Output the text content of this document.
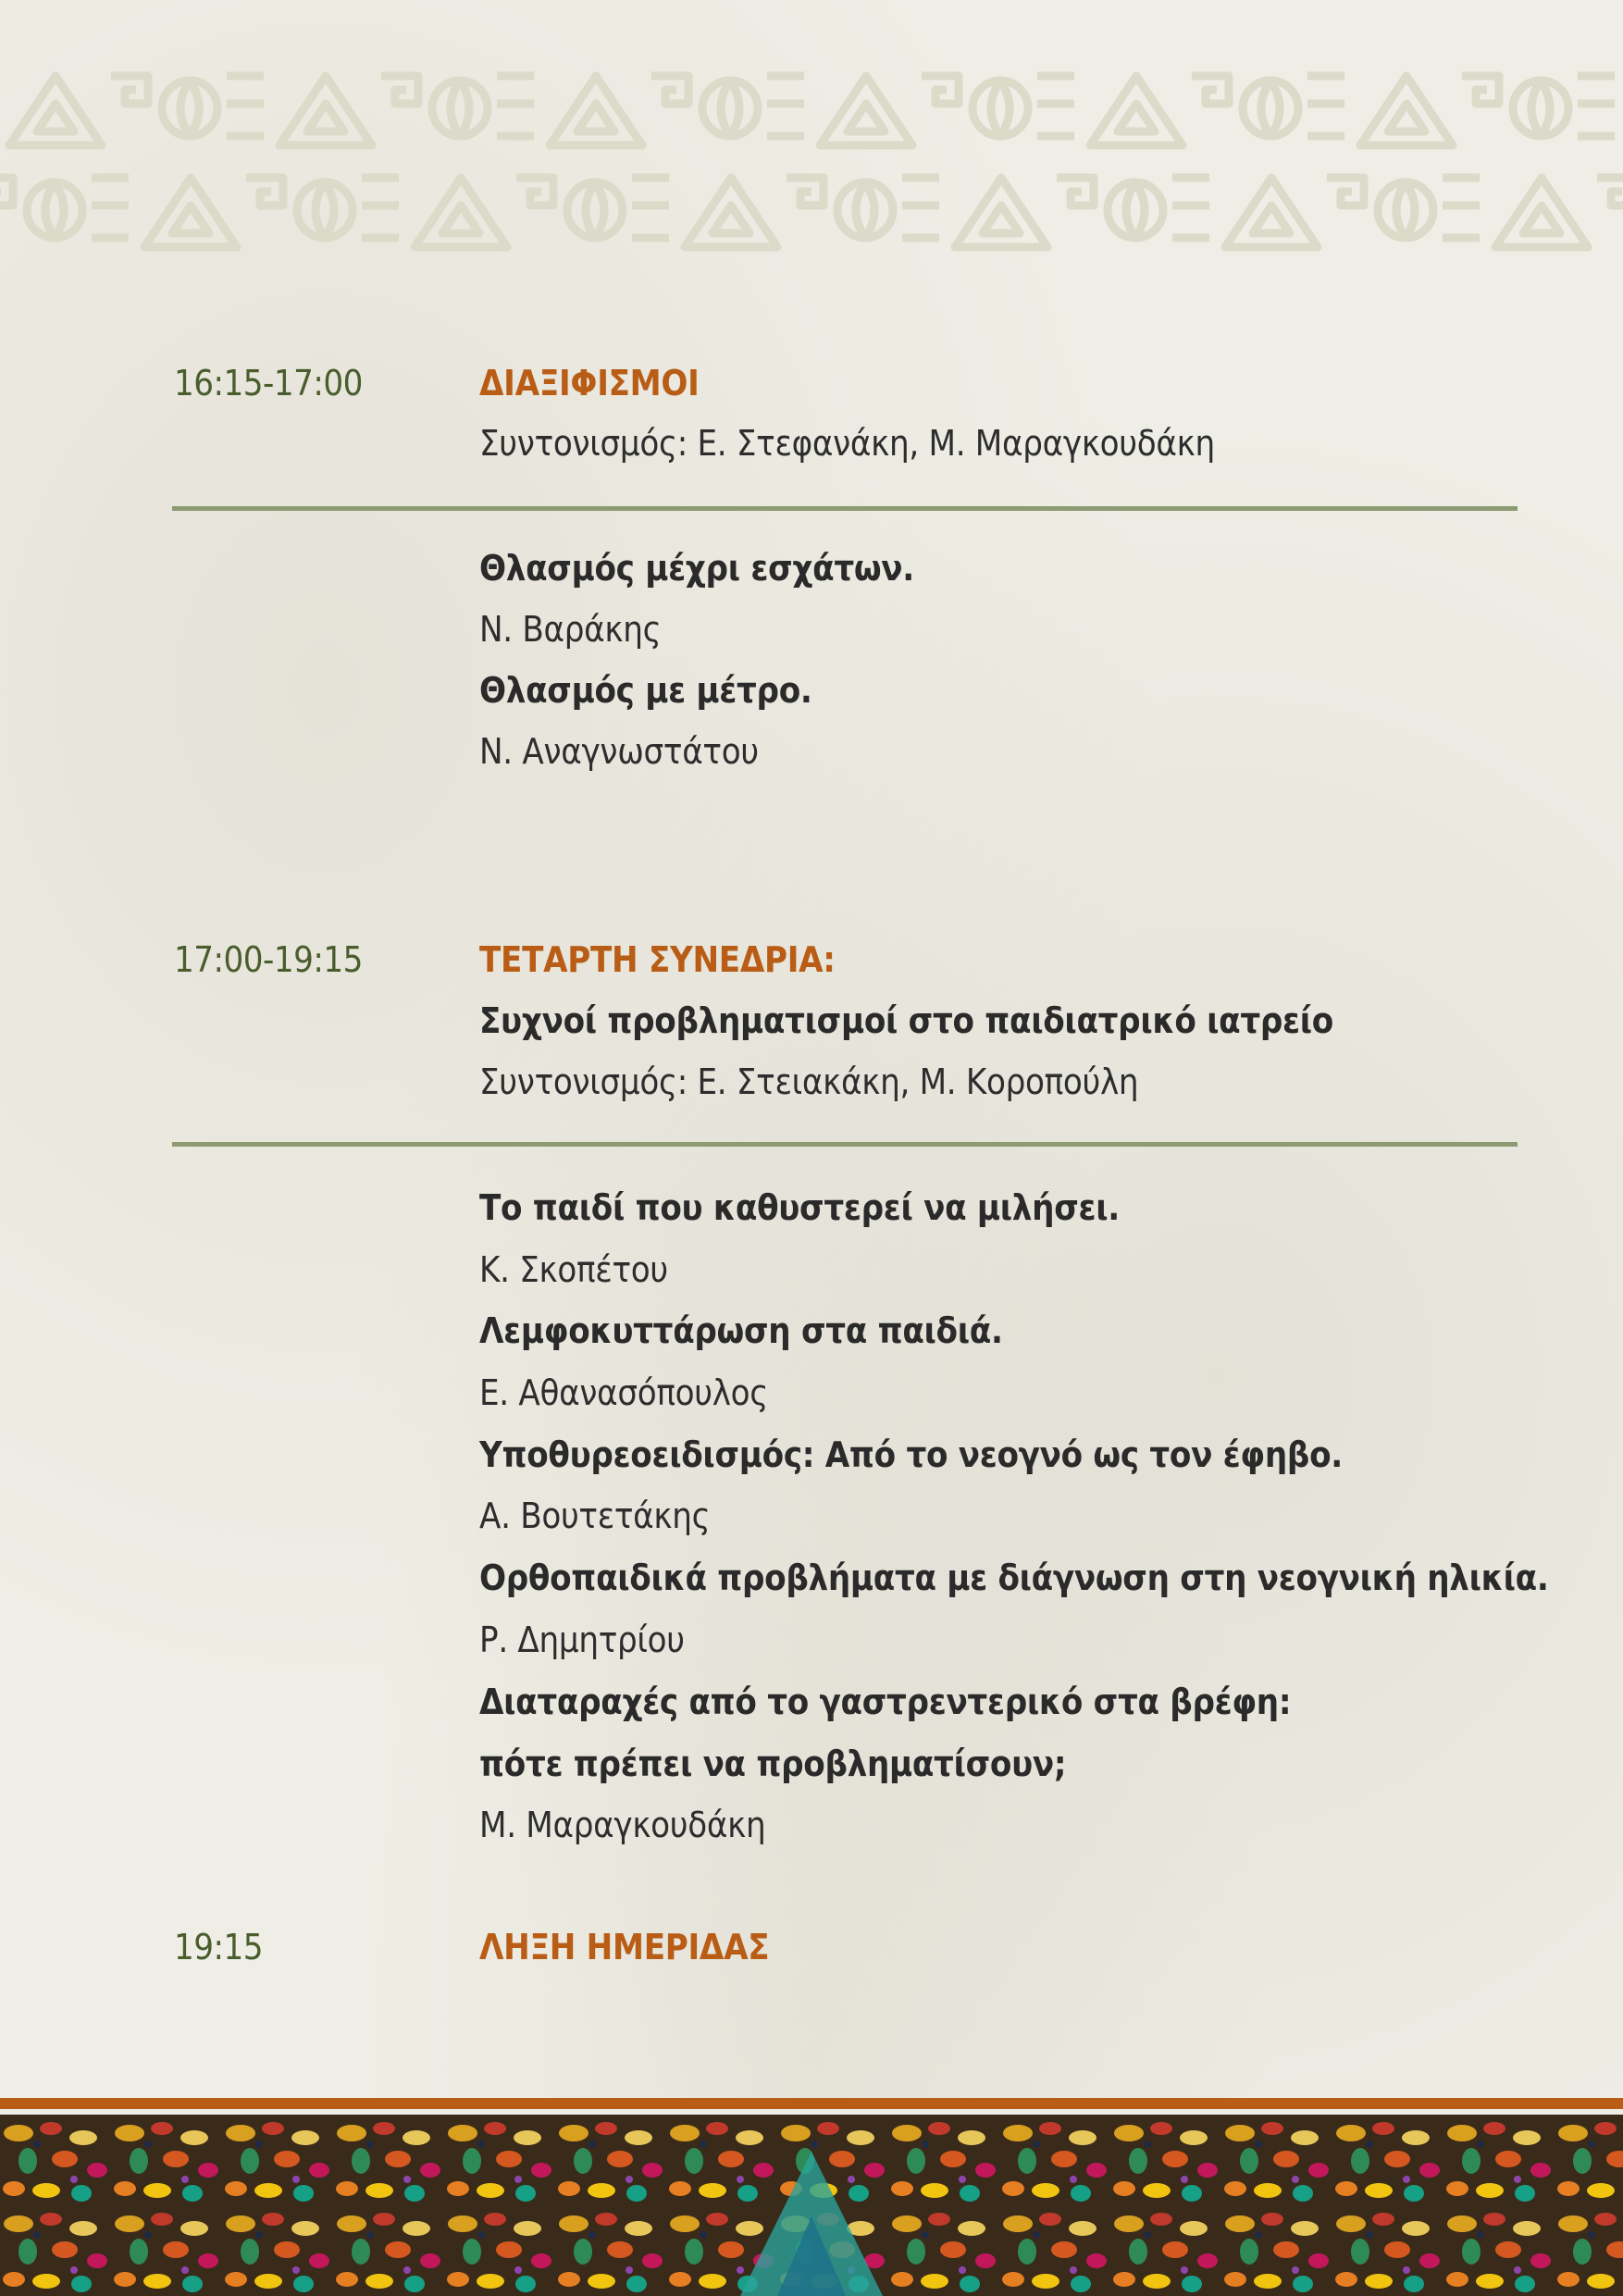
16:15-17:00	ΔΙΑΞΙΦΙΣΜΟΙ
Συντονισμός: Ε. Στεφανάκη, Μ. Μαραγκουδάκη
Θλασμός μέχρι εσχάτων.
Ν. Βαράκης
Θλασμός με μέτρο.
Ν. Αναγνωστάτου
17:00-19:15	ΤΕΤΑΡΤΗ ΣΥΝΕΔΡΙΑ:
Συχνοί προβληματισμοί στο παιδιατρικό ιατρείο
Συντονισμός: Ε. Στειακάκη, Μ. Κοροπούλη
Το παιδί που καθυστερεί να μιλήσει.
Κ. Σκοπέτου
Λεμφοκυττάρωση στα παιδιά.
Ε. Αθανασόπουλος
Υποθυρεοειδισμός: Από το νεογνό ως τον έφηβο.
Α. Βουτετάκης
Ορθοπαιδικά προβλήματα με διάγνωση στη νεογνική ηλικία.
Ρ. Δημητρίου
Διαταραχές από το γαστρεντερικό στα βρέφη:
πότε πρέπει να προβληματίσουν;
Μ. Μαραγκουδάκη
19:15	ΛΗΞΗ ΗΜΕΡΙΔΑΣ
